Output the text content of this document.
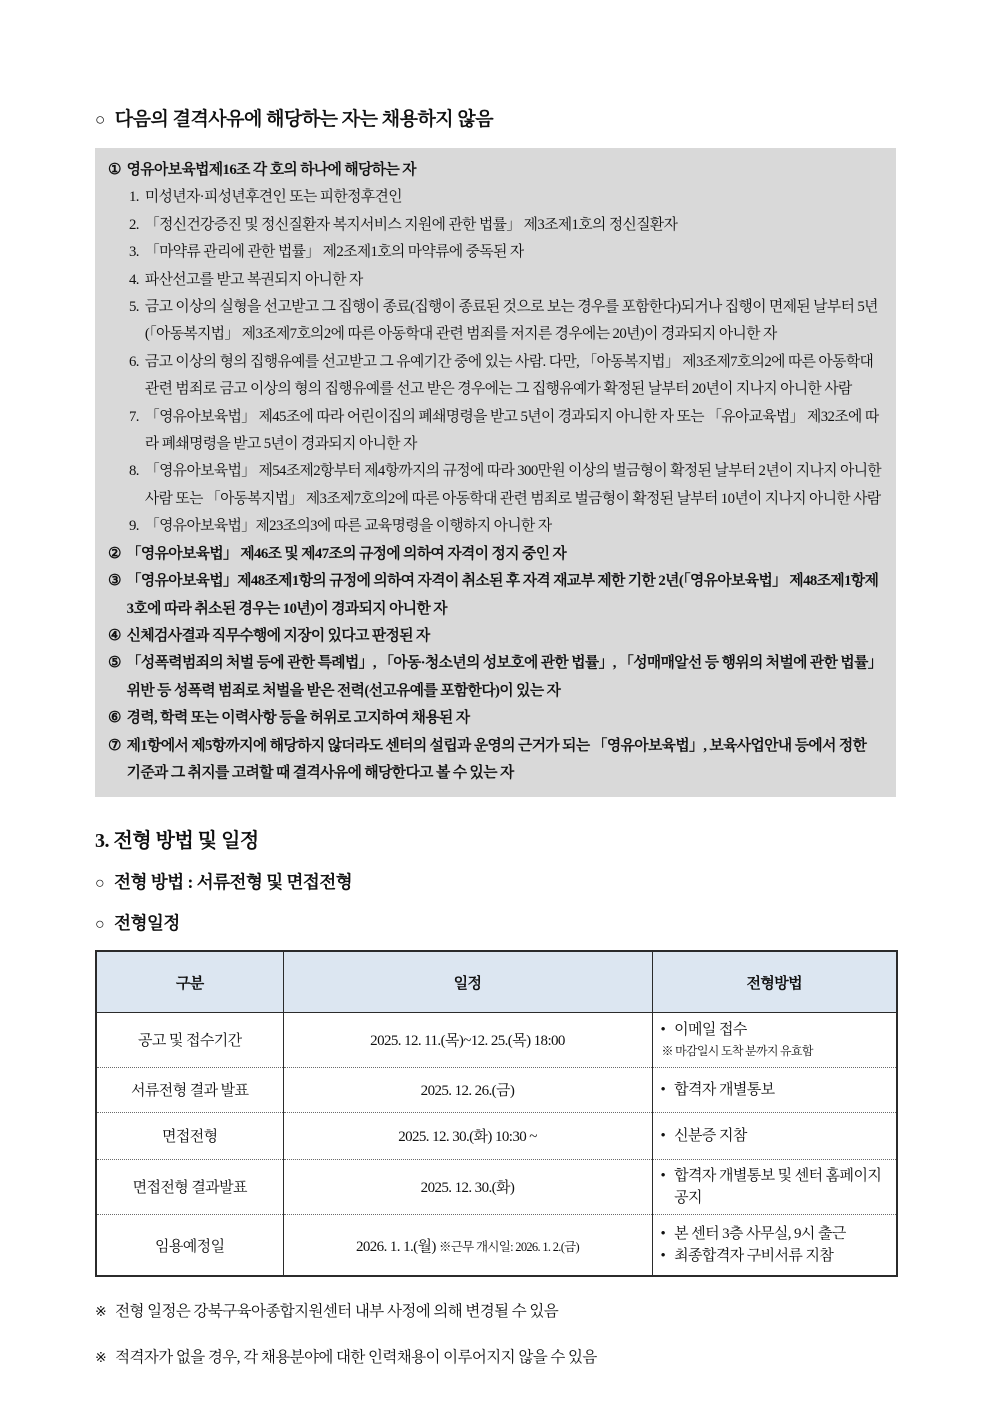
○ 다음의 결격사유에 해당하는 자는 채용하지 않음
① 영유아보육법제16조 각 호의 하나에 해당하는 자
1. 미성년자·피성년후견인 또는 피한정후견인
2. 「정신건강증진 및 정신질환자 복지서비스 지원에 관한 법률」 제3조제1호의 정신질환자
3. 「마약류 관리에 관한 법률」 제2조제1호의 마약류에 중독된 자
4. 파산선고를 받고 복권되지 아니한 자
5. 금고 이상의 실형을 선고받고 그 집행이 종료(집행이 종료된 것으로 보는 경우를 포함한다)되거나 집행이 면제된 날부터 5년(「아동복지법」 제3조제7호의2에 따른 아동학대 관련 범죄를 저지른 경우에는 20년)이 경과되지 아니한 자
6. 금고 이상의 형의 집행유예를 선고받고 그 유예기간 중에 있는 사람. 다만, 「아동복지법」 제3조제7호의2에 따른 아동학대 관련 범죄로 금고 이상의 형의 집행유예를 선고 받은 경우에는 그 집행유예가 확정된 날부터 20년이 지나지 아니한 사람
7. 「영유아보육법」 제45조에 따라 어린이집의 폐쇄명령을 받고 5년이 경과되지 아니한 자 또는 「유아교육법」 제32조에 따라 폐쇄명령을 받고 5년이 경과되지 아니한 자
8. 「영유아보육법」 제54조제2항부터 제4항까지의 규정에 따라 300만원 이상의 벌금형이 확정된 날부터 2년이 지나지 아니한 사람 또는 「아동복지법」 제3조제7호의2에 따른 아동학대 관련 범죄로 벌금형이 확정된 날부터 10년이 지나지 아니한 사람
9. 「영유아보육법」제23조의3에 따른 교육명령을 이행하지 아니한 자
② 「영유아보육법」 제46조 및 제47조의 규정에 의하여 자격이 정지 중인 자
③ 「영유아보육법」제48조제1항의 규정에 의하여 자격이 취소된 후 자격 재교부 제한 기한 2년(「영유아보육법」 제48조제1항제3호에 따라 취소된 경우는 10년)이 경과되지 아니한 자
④ 신체검사결과 직무수행에 지장이 있다고 판정된 자
⑤ 「성폭력범죄의 처벌 등에 관한 특례법」, 「아동·청소년의 성보호에 관한 법률」, 「성매매알선 등 행위의 처벌에 관한 법률」 위반 등 성폭력 범죄로 처벌을 받은 전력(선고유예를 포함한다)이 있는 자
⑥ 경력, 학력 또는 이력사항 등을 허위로 고지하여 채용된 자
⑦ 제1항에서 제5항까지에 해당하지 않더라도 센터의 설립과 운영의 근거가 되는 「영유아보육법」, 보육사업안내 등에서 정한 기준과 그 취지를 고려할 때 결격사유에 해당한다고 볼 수 있는 자
3. 전형 방법 및 일정
○ 전형 방법 : 서류전형 및 면접전형
○ 전형일정
구분	일정	전형방법
공고 및 접수기간	2025. 12. 11.(목)~12. 25.(목) 18:00	• 이메일 접수
※ 마감일시 도착 분까지 유효함

서류전형 결과 발표	2025. 12. 26.(금)	• 합격자 개별통보

면접전형	2025. 12. 30.(화) 10:30 ~	• 신분증 지참

면접전형 결과발표	2025. 12. 30.(화)	• 합격자 개별통보 및 센터 홈페이지 공지

임용예정일	2026. 1. 1.(월) ※근무 개시일: 2026. 1. 2.(금)	• 본 센터 3층 사무실, 9시 출근
• 최종합격자 구비서류 지참
※ 전형 일정은 강북구육아종합지원센터 내부 사정에 의해 변경될 수 있음
※ 적격자가 없을 경우, 각 채용분야에 대한 인력채용이 이루어지지 않을 수 있음
